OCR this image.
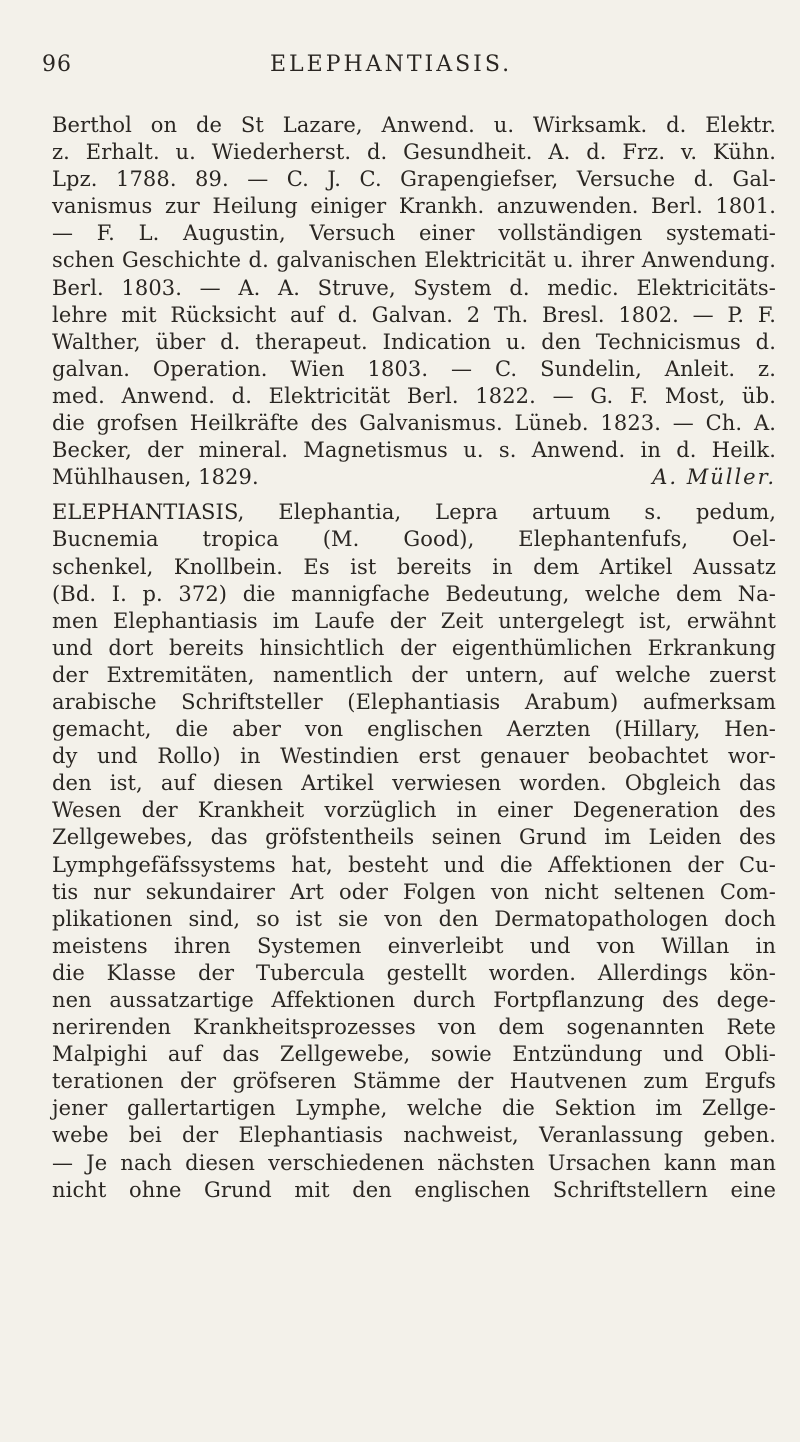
96	ELEPHANTIASIS.
Berthol on de St Lazare, Anwend. u. Wirksamk. d. Elektr.
z. Erhalt. u. Wiederherst. d. Gesundheit. A. d. Frz. v. Kühn.
Lpz. 1788. 89. — C. J. C. Grapengiefser, Versuche d. Gal-
vanismus zur Heilung einiger Krankh. anzuwenden. Berl. 1801.
— F. L. Augustin, Versuch einer vollständigen systemati-
schen Geschichte d. galvanischen Elektricität u. ihrer Anwendung.
Berl. 1803. — A. A. Struve, System d. medic. Elektricitäts-
lehre mit Rücksicht auf d. Galvan. 2 Th. Bresl. 1802. — P. F.
Walther, über d. therapeut. Indication u. den Technicismus d.
galvan. Operation. Wien 1803. — C. Sundelin, Anleit. z.
med. Anwend. d. Elektricität Berl. 1822. — G. F. Most, üb.
die grofsen Heilkräfte des Galvanismus. Lüneb. 1823. — Ch. A.
Becker, der mineral. Magnetismus u. s. Anwend. in d. Heilk.
A. Müller.
Mühlhausen, 1829.
ELEPHANTIASIS, Elephantia, Lepra artuum s. pedum,
Bucnemia tropica (M. Good), Elephantenfufs, Oel-
schenkel, Knollbein. Es ist bereits in dem Artikel Aussatz
(Bd. I. p. 372) die mannigfache Bedeutung, welche dem Na-
men Elephantiasis im Laufe der Zeit untergelegt ist, erwähnt
und dort bereits hinsichtlich der eigenthümlichen Erkrankung
der Extremitäten, namentlich der untern, auf welche zuerst
arabische Schriftsteller (Elephantiasis Arabum) aufmerksam
gemacht, die aber von englischen Aerzten (Hillary, Hen-
dy und Rollo) in Westindien erst genauer beobachtet wor-
den ist, auf diesen Artikel verwiesen worden. Obgleich das
Wesen der Krankheit vorzüglich in einer Degeneration des
Zellgewebes, das gröfstentheils seinen Grund im Leiden des
Lymphgefäfssystems hat, besteht und die Affektionen der Cu-
tis nur sekundairer Art oder Folgen von nicht seltenen Com-
plikationen sind, so ist sie von den Dermatopathologen doch
meistens ihren Systemen einverleibt und von Willan in
die Klasse der Tubercula gestellt worden. Allerdings kön-
nen aussatzartige Affektionen durch Fortpflanzung des dege-
nerirenden Krankheitsprozesses von dem sogenannten Rete
Malpighi auf das Zellgewebe, sowie Entzündung und Obli-
terationen der gröfseren Stämme der Hautvenen zum Ergufs
jener gallertartigen Lymphe, welche die Sektion im Zellge-
webe bei der Elephantiasis nachweist, Veranlassung geben.
— Je nach diesen verschiedenen nächsten Ursachen kann man
nicht ohne Grund mit den englischen Schriftstellern eine
